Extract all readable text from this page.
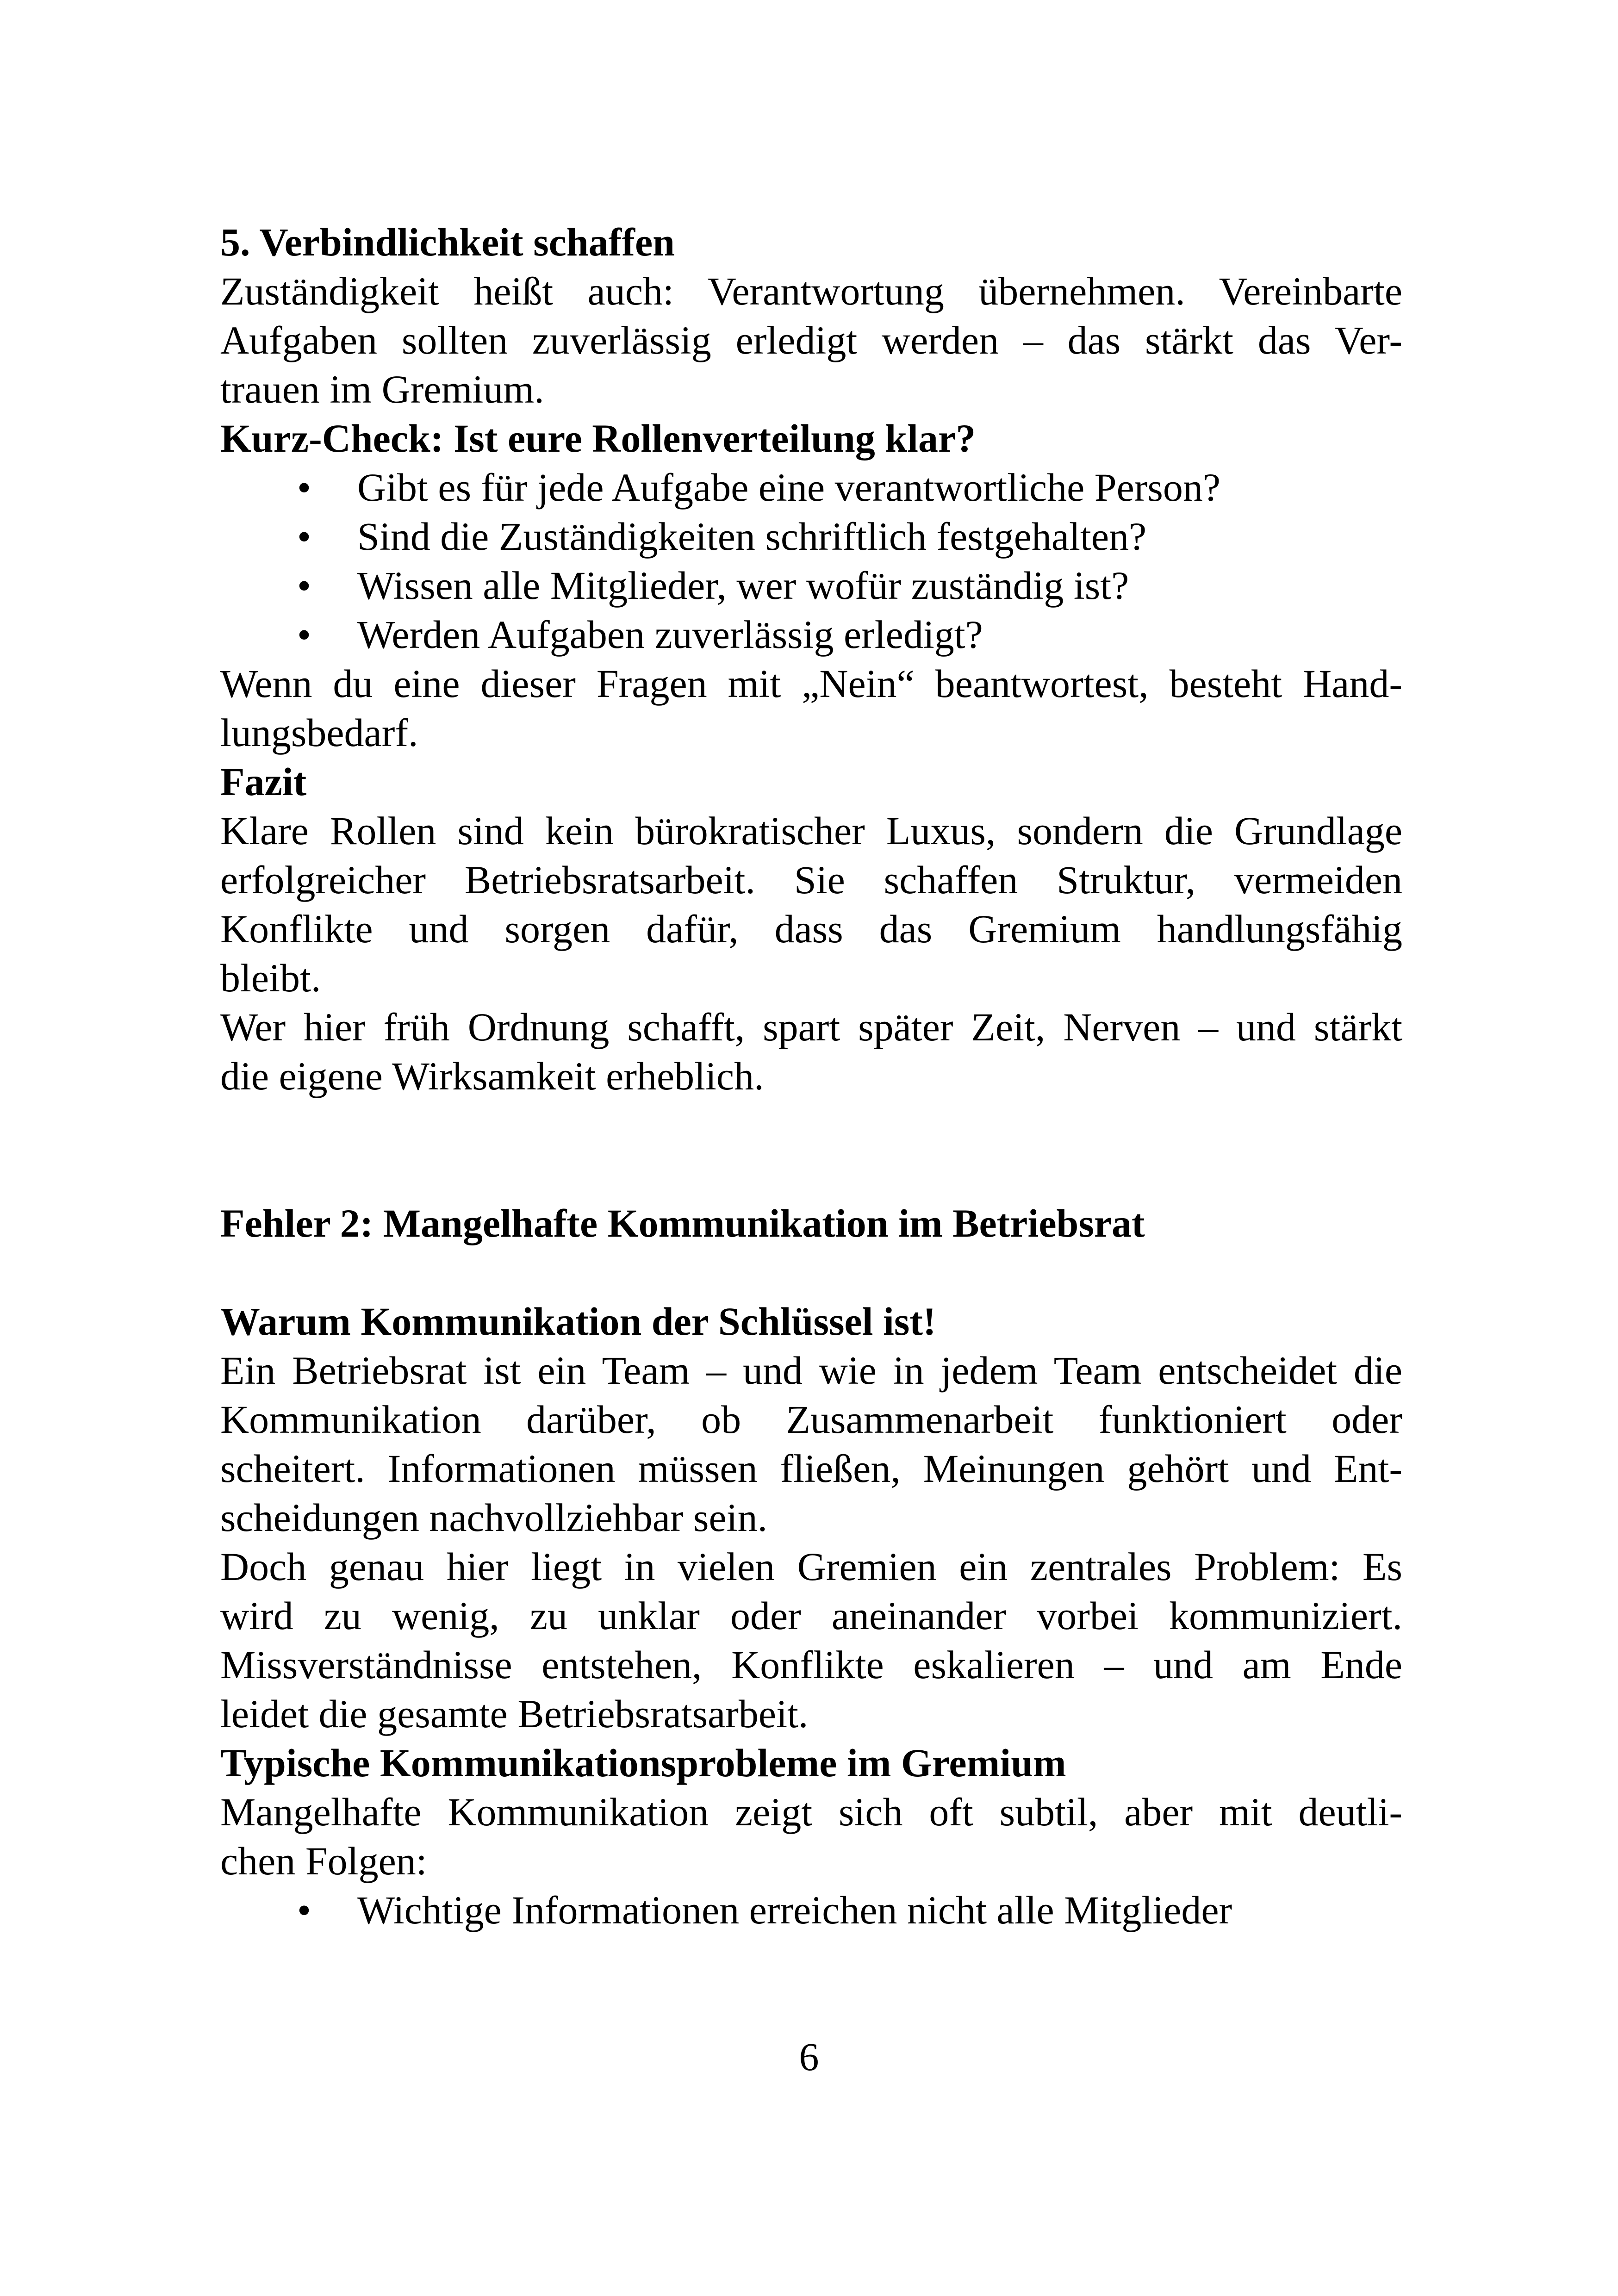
5. Verbindlichkeit schaffen

Zuständigkeit heißt auch: Verantwortung übernehmen. Vereinbarte

Aufgaben sollten zuverlässig erledigt werden – das stärkt das Ver-

trauen im Gremium.

Kurz-Check: Ist eure Rollenverteilung klar?

• Gibt es für jede Aufgabe eine verantwortliche Person?
• Sind die Zuständigkeiten schriftlich festgehalten?
• Wissen alle Mitglieder, wer wofür zuständig ist?
• Werden Aufgaben zuverlässig erledigt?

Wenn du eine dieser Fragen mit „Nein“ beantwortest, besteht Hand-

lungsbedarf.

Fazit

Klare Rollen sind kein bürokratischer Luxus, sondern die Grundlage

erfolgreicher Betriebsratsarbeit. Sie schaffen Struktur, vermeiden

Konflikte und sorgen dafür, dass das Gremium handlungsfähig

bleibt.

Wer hier früh Ordnung schafft, spart später Zeit, Nerven – und stärkt

die eigene Wirksamkeit erheblich.

Fehler 2: Mangelhafte Kommunikation im Betriebsrat

Warum Kommunikation der Schlüssel ist!

Ein Betriebsrat ist ein Team – und wie in jedem Team entscheidet die

Kommunikation darüber, ob Zusammenarbeit funktioniert oder

scheitert. Informationen müssen fließen, Meinungen gehört und Ent-

scheidungen nachvollziehbar sein.

Doch genau hier liegt in vielen Gremien ein zentrales Problem: Es

wird zu wenig, zu unklar oder aneinander vorbei kommuniziert.

Missverständnisse entstehen, Konflikte eskalieren – und am Ende

leidet die gesamte Betriebsratsarbeit.

Typische Kommunikationsprobleme im Gremium

Mangelhafte Kommunikation zeigt sich oft subtil, aber mit deutli-

chen Folgen:

• Wichtige Informationen erreichen nicht alle Mitglieder
6
